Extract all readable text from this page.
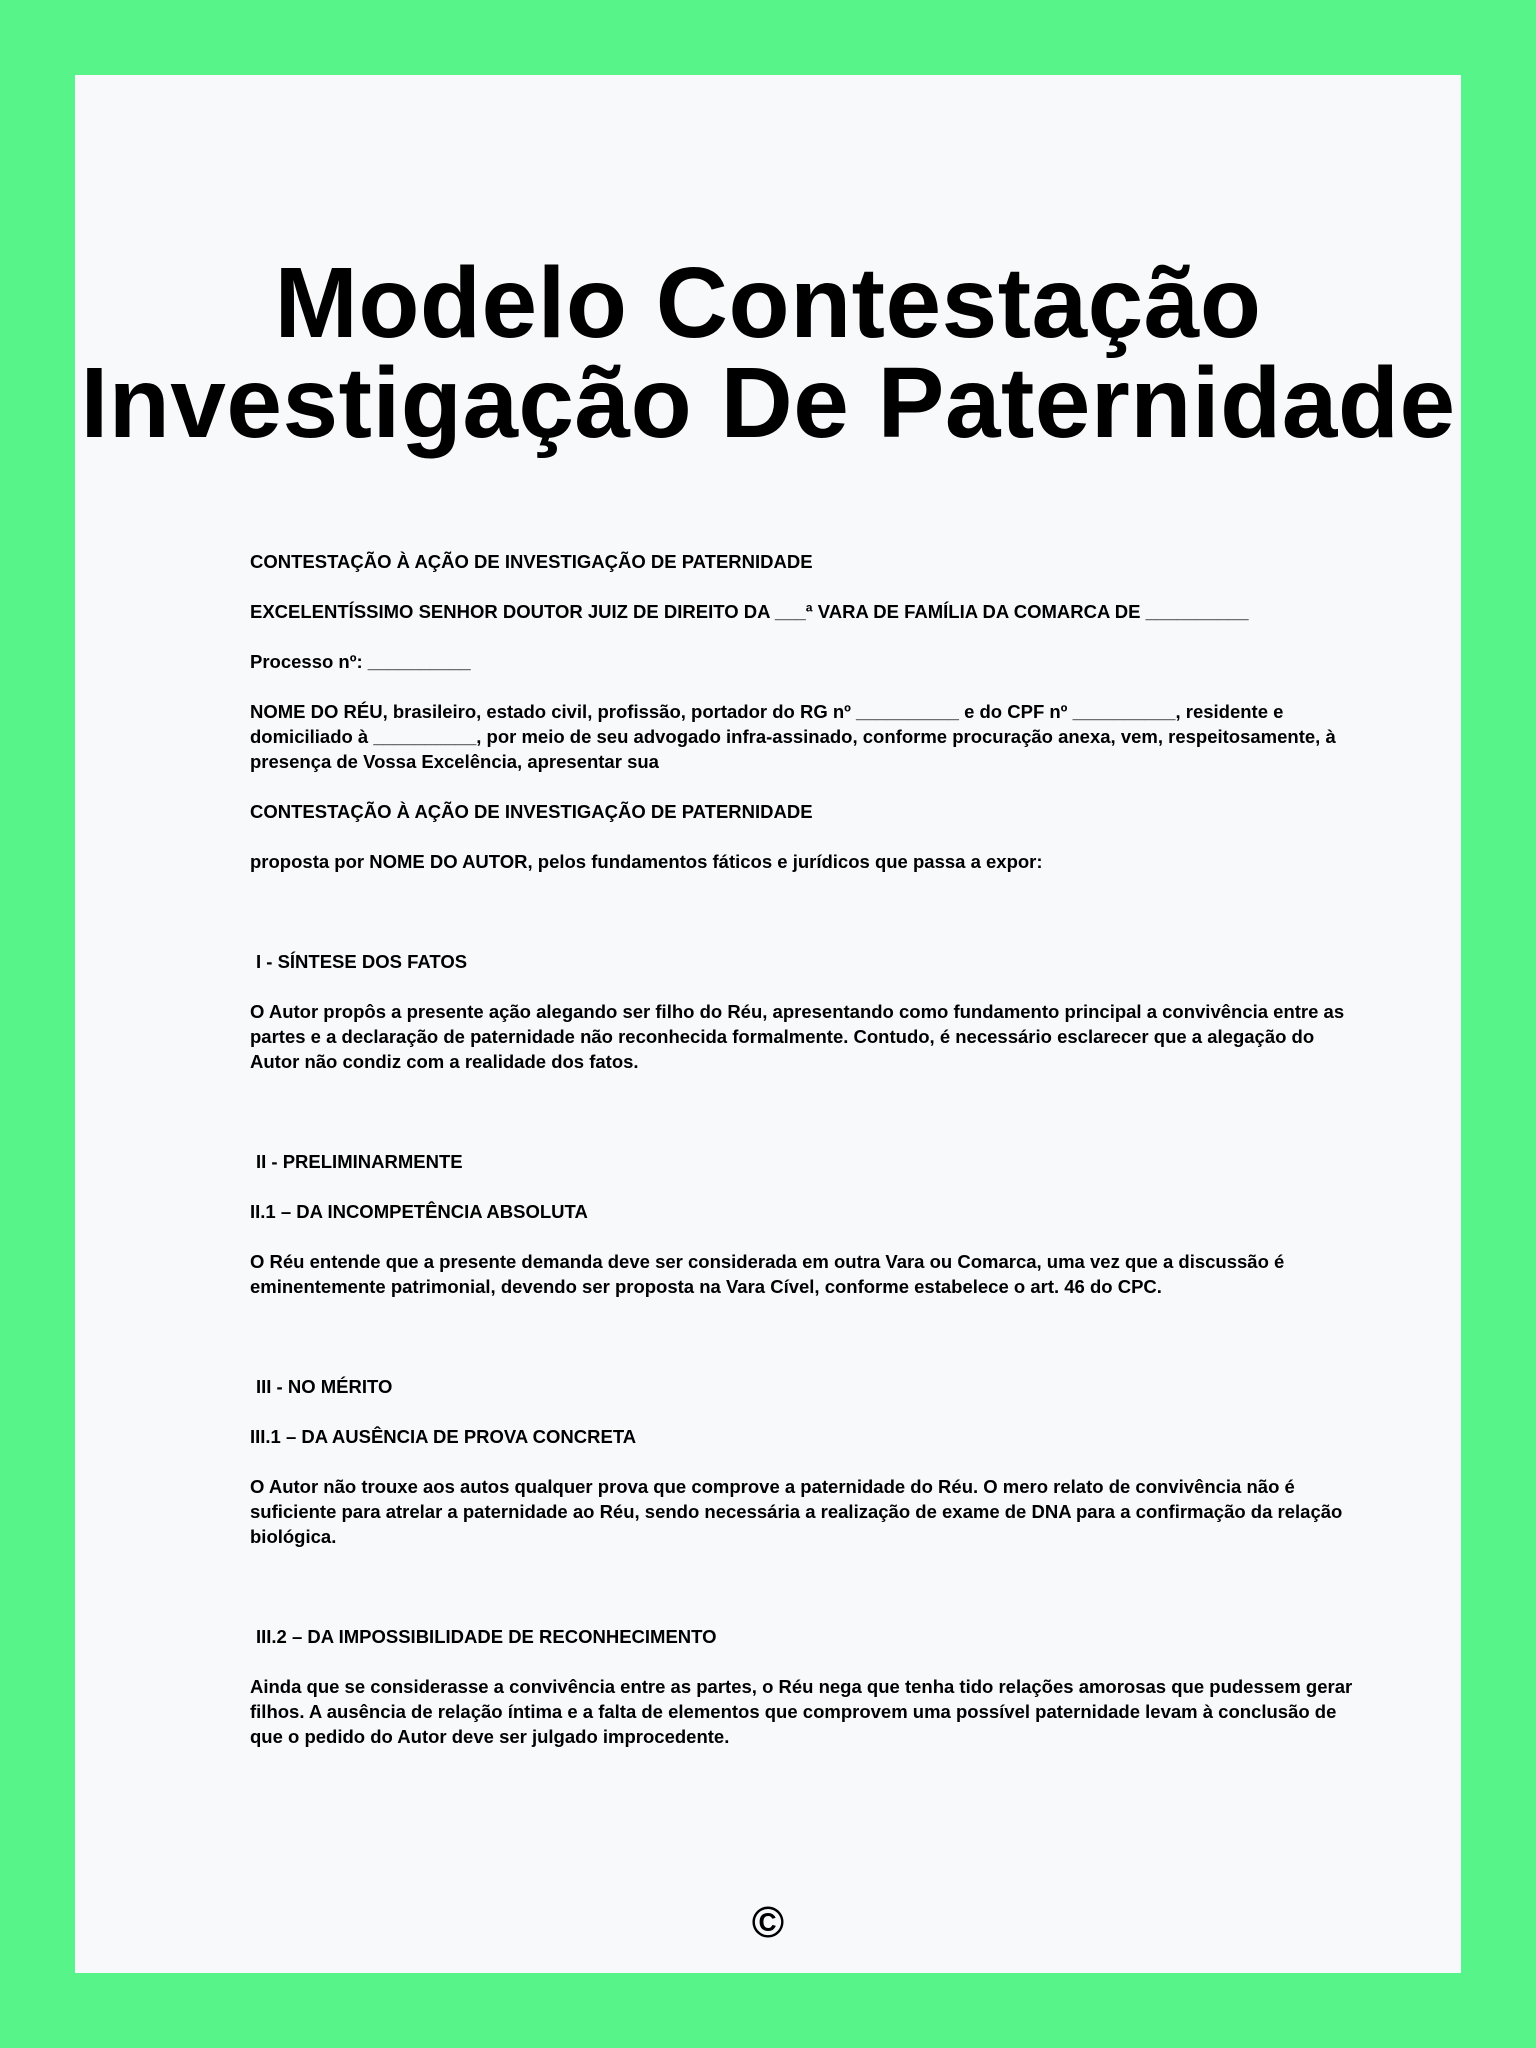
Modelo Contestação
Investigação De Paternidade

CONTESTAÇÃO À AÇÃO DE INVESTIGAÇÃO DE PATERNIDADE

EXCELENTÍSSIMO SENHOR DOUTOR JUIZ DE DIREITO DA ___ª VARA DE FAMÍLIA DA COMARCA DE __________

Processo nº: __________

NOME DO RÉU, brasileiro, estado civil, profissão, portador do RG nº __________ e do CPF nº __________, residente e domiciliado à __________, por meio de seu advogado infra-assinado, conforme procuração anexa, vem, respeitosamente, à presença de Vossa Excelência, apresentar sua

CONTESTAÇÃO À AÇÃO DE INVESTIGAÇÃO DE PATERNIDADE

proposta por NOME DO AUTOR, pelos fundamentos fáticos e jurídicos que passa a expor:

I - SÍNTESE DOS FATOS

O Autor propôs a presente ação alegando ser filho do Réu, apresentando como fundamento principal a convivência entre as partes e a declaração de paternidade não reconhecida formalmente. Contudo, é necessário esclarecer que a alegação do Autor não condiz com a realidade dos fatos.

II - PRELIMINARMENTE

II.1 – DA INCOMPETÊNCIA ABSOLUTA

O Réu entende que a presente demanda deve ser considerada em outra Vara ou Comarca, uma vez que a discussão é eminentemente patrimonial, devendo ser proposta na Vara Cível, conforme estabelece o art. 46 do CPC.

III - NO MÉRITO

III.1 – DA AUSÊNCIA DE PROVA CONCRETA

O Autor não trouxe aos autos qualquer prova que comprove a paternidade do Réu. O mero relato de convivência não é suficiente para atrelar a paternidade ao Réu, sendo necessária a realização de exame de DNA para a confirmação da relação biológica.

III.2 – DA IMPOSSIBILIDADE DE RECONHECIMENTO

Ainda que se considerasse a convivência entre as partes, o Réu nega que tenha tido relações amorosas que pudessem gerar filhos. A ausência de relação íntima e a falta de elementos que comprovem uma possível paternidade levam à conclusão de que o pedido do Autor deve ser julgado improcedente.

©
